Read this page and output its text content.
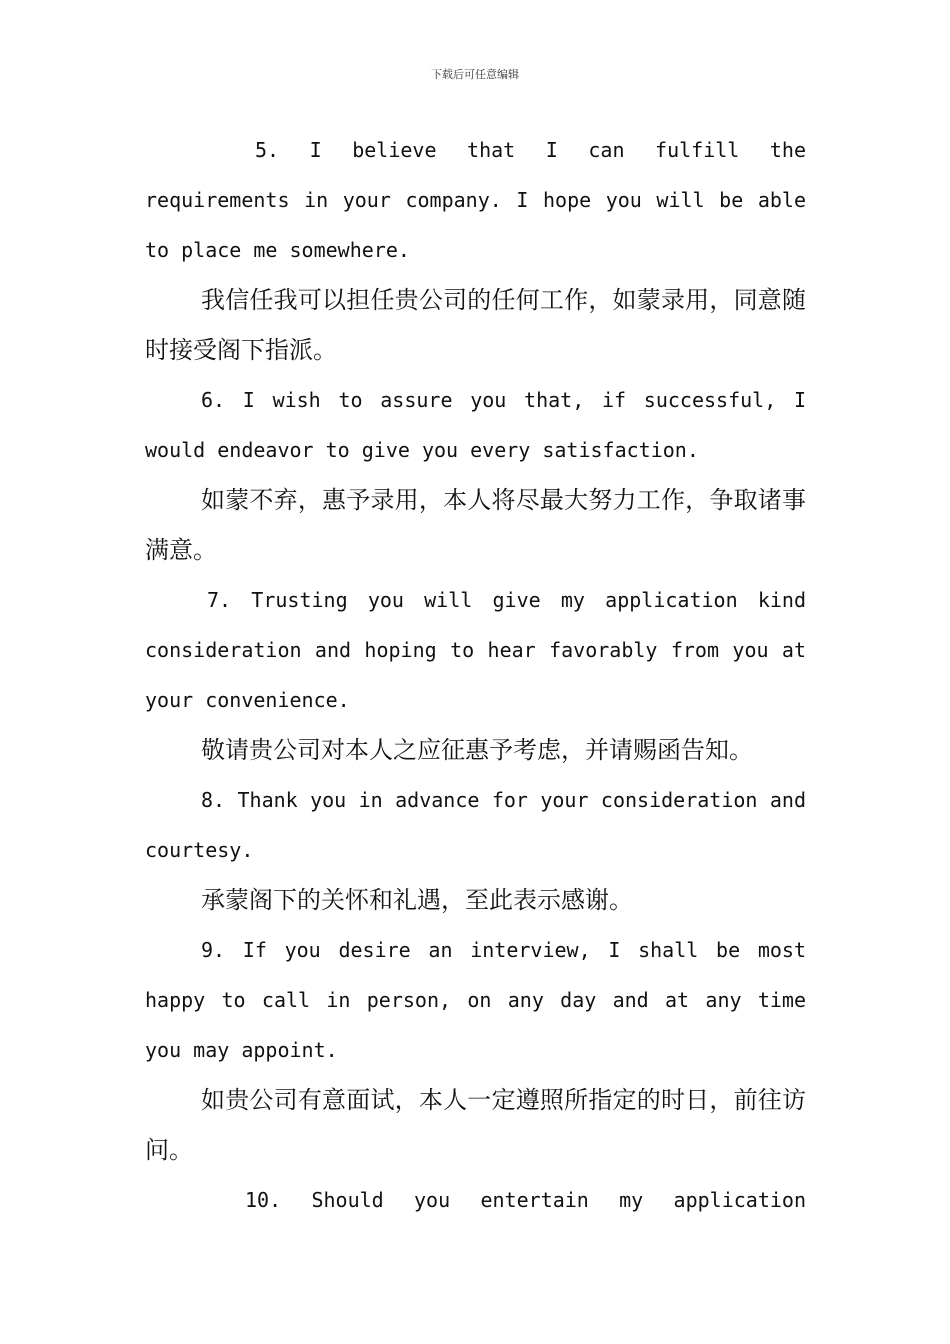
下载后可任意编辑

5. I believe that I can fulfill the requirements in your company. I hope you will be able to place me somewhere.

我信任我可以担任贵公司的任何工作，如蒙录用，同意随时接受阁下指派。

6. I wish to assure you that, if successful, I would endeavor to give you every satisfaction.

如蒙不弃，惠予录用，本人将尽最大努力工作，争取诸事满意。

7. Trusting you will give my application kind consideration and hoping to hear favorably from you at your convenience.

敬请贵公司对本人之应征惠予考虑，并请赐函告知。

8. Thank you in advance for your consideration and courtesy.

承蒙阁下的关怀和礼遇，至此表示感谢。

9. If you desire an interview, I shall be most happy to call in person, on any day and at any time you may appoint.

如贵公司有意面试，本人一定遵照所指定的时日，前往访问。

10. Should you entertain my application
